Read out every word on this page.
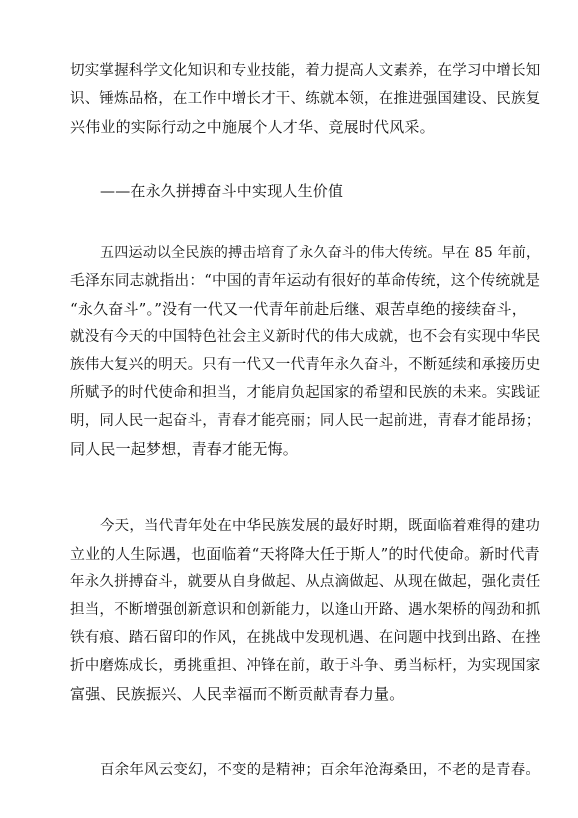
切实掌握科学文化知识和专业技能，着力提高人文素养，在学习中增长知
识、锤炼品格，在工作中增长才干、练就本领，在推进强国建设、民族复
兴伟业的实际行动之中施展个人才华、竞展时代风采。
——在永久拼搏奋斗中实现人生价值
五四运动以全民族的搏击培育了永久奋斗的伟大传统。早在 85 年前，
毛泽东同志就指出：“中国的青年运动有很好的革命传统，这个传统就是
“永久奋斗”。”没有一代又一代青年前赴后继、艰苦卓绝的接续奋斗，
就没有今天的中国特色社会主义新时代的伟大成就，也不会有实现中华民
族伟大复兴的明天。只有一代又一代青年永久奋斗，不断延续和承接历史
所赋予的时代使命和担当，才能肩负起国家的希望和民族的未来。实践证
明，同人民一起奋斗，青春才能亮丽；同人民一起前进，青春才能昂扬；
同人民一起梦想，青春才能无悔。
今天，当代青年处在中华民族发展的最好时期，既面临着难得的建功
立业的人生际遇，也面临着“天将降大任于斯人”的时代使命。新时代青
年永久拼搏奋斗，就要从自身做起、从点滴做起、从现在做起，强化责任
担当，不断增强创新意识和创新能力，以逢山开路、遇水架桥的闯劲和抓
铁有痕、踏石留印的作风，在挑战中发现机遇、在问题中找到出路、在挫
折中磨炼成长，勇挑重担、冲锋在前，敢于斗争、勇当标杆，为实现国家
富强、民族振兴、人民幸福而不断贡献青春力量。
百余年风云变幻，不变的是精神；百余年沧海桑田，不老的是青春。
